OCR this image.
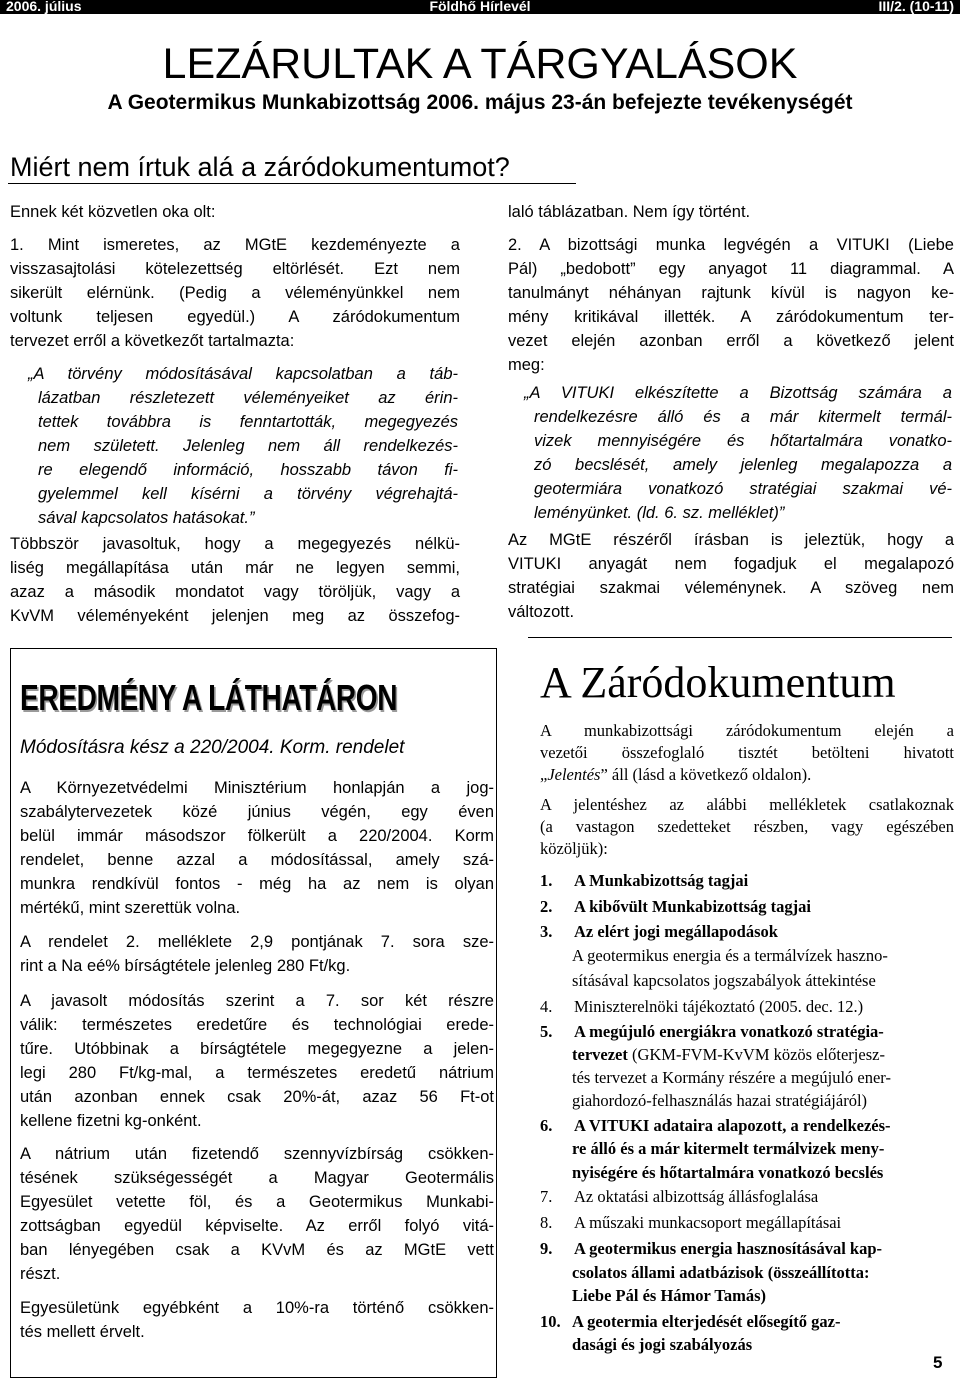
2006. július	Földhő Hírlevél	III/2. (10-11)
LEZÁRULTAK A TÁRGYALÁSOK
A Geotermikus Munkabizottság 2006. május 23-án befejezte tevékenységét
Miért nem írtuk alá a záródokumentumot?
Ennek két közvetlen oka olt:
1. Mint ismeretes, az MGtE kezdeményezte a
visszasajtolási kötelezettség eltörlését. Ezt nem
sikerült elérnünk. (Pedig a véleményünkkel nem
voltunk teljesen egyedül.) A záródokumentum
tervezet erről a következőt tartalmazta:
„A törvény módosításával kapcsolatban a táb-
lázatban részletezett véleményeiket az érin-
tettek továbbra is fenntartották, megegyezés
nem született. Jelenleg nem áll rendelkezés-
re elegendő információ, hosszabb távon fi-
gyelemmel kell kísérni a törvény végrehajtá-
sával kapcsolatos hatásokat.”
Többször javasoltuk, hogy a megegyezés nélkü-
liség megállapítása után már ne legyen semmi,
azaz a második mondatot vagy töröljük, vagy a
KvVM véleményeként jelenjen meg az összefog-
laló táblázatban. Nem így történt.
2. A bizottsági munka legvégén a VITUKI (Liebe
Pál) „bedobott” egy anyagot 11 diagrammal. A
tanulmányt néhányan rajtunk kívül is nagyon ke-
mény kritikával illették. A záródokumentum ter-
vezet elején azonban erről a következő jelent
meg:
„A VITUKI elkészítette a Bizottság számára a
rendelkezésre álló és a már kitermelt termál-
vizek mennyiségére és hőtartalmára vonatko-
zó becslését, amely jelenleg megalapozza a
geotermiára vonatkozó stratégiai szakmai vé-
leményünket. (ld. 6. sz. melléklet)”
Az MGtE részéről írásban is jeleztük, hogy a
VITUKI anyagát nem fogadjuk el megalapozó
stratégiai szakmai véleménynek. A szöveg nem
változott.
EREDMÉNY A LÁTHATÁRON
Módosításra kész a 220/2004. Korm. rendelet
A Környezetvédelmi Minisztérium honlapján a jog-
szabálytervezetek közé június végén, egy éven
belül immár másodszor fölkerült a 220/2004. Korm
rendelet, benne azzal a módosítással, amely szá-
munkra rendkívül fontos - még ha az nem is olyan
mértékű, mint szerettük volna.
A rendelet 2. melléklete 2,9 pontjának 7. sora sze-
rint a Na eé% bírságtétele jelenleg 280 Ft/kg.
A javasolt módosítás szerint a 7. sor két részre
válik: természetes eredetűre és technológiai erede-
tűre. Utóbbinak a bírságtétele megegyezne a jelen-
legi 280 Ft/kg-mal, a természetes eredetű nátrium
után azonban ennek csak 20%-át, azaz 56 Ft-ot
kellene fizetni kg-onként.
A nátrium után fizetendő szennyvízbírság csökken-
tésének szükségességét a Magyar Geotermális
Egyesület vetette föl, és a Geotermikus Munkabi-
zottságban egyedül képviselte. Az erről folyó vitá-
ban lényegében csak a KVvM és az MGtE vett
részt.
Egyesületünk egyébként a 10%-ra történő csökken-
tés mellett érvelt.
A Záródokumentum
A munkabizottsági záródokumentum elején a
vezetői összefoglaló tisztét betölteni hivatott
„Jelentés” áll (lásd a következő oldalon).
A jelentéshez az alábbi mellékletek csatlakoznak
(a vastagon szedetteket részben, vagy egészében
közöljük):
1. A Munkabizottság tagjai
2. A kibővült Munkabizottság tagjai
3. Az elért jogi megállapodások
A geotermikus energia és a termálvízek haszno-
sításával kapcsolatos jogszabályok áttekintése
4. Miniszterelnöki tájékoztató (2005. dec. 12.)
5. A megújuló energiákra vonatkozó stratégia-
tervezet (GKM-FVM-KvVM közös előterjesz-
tés tervezet a Kormány részére a megújuló ener-
giahordozó-felhasználás hazai stratégiájáról)
6. A VITUKI adataira alapozott, a rendelkezés-
re álló és a már kitermelt termálvizek meny-
nyiségére és hőtartalmára vonatkozó becslés
7. Az oktatási albizottság állásfoglalása
8. A műszaki munkacsoport megállapításai
9. A geotermikus energia hasznosításával kap-
csolatos állami adatbázisok (összeállította:
Liebe Pál és Hámor Tamás)
10. A geotermia elterjedését elősegítő gaz-
dasági és jogi szabályozás
5
